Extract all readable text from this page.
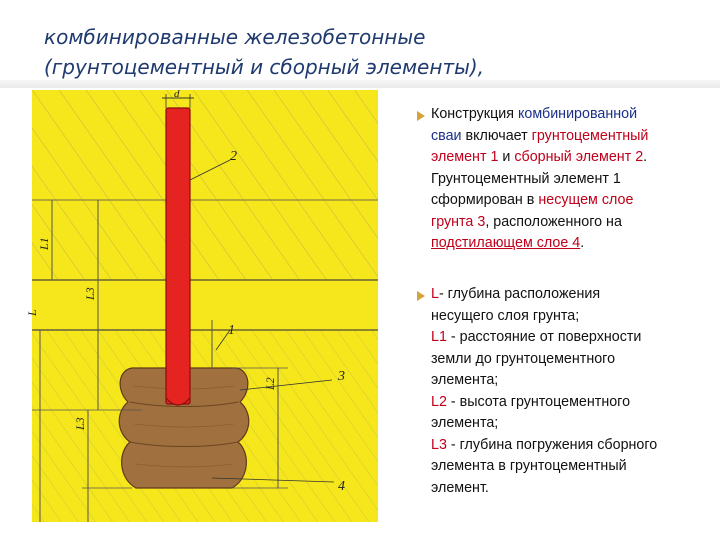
комбинированные железобетонные
(грунтоцементный и сборный элементы),
d
2
1
3
4
L
L1
L3
L3
L2
Конструкция комбинированной
сваи включает грунтоцементный
элемент 1 и сборный элемент 2.
Грунтоцементный элемент 1
сформирован в несущем слое
грунта 3, расположенного на
подстилающем слое 4.
L- глубина расположения
несущего слоя грунта;
L1 - расстояние от поверхности
земли до грунтоцементного
элемента;
L2 - высота грунтоцементного
элемента;
L3 - глубина погружения сборного
элемента в грунтоцементный
элемент.
